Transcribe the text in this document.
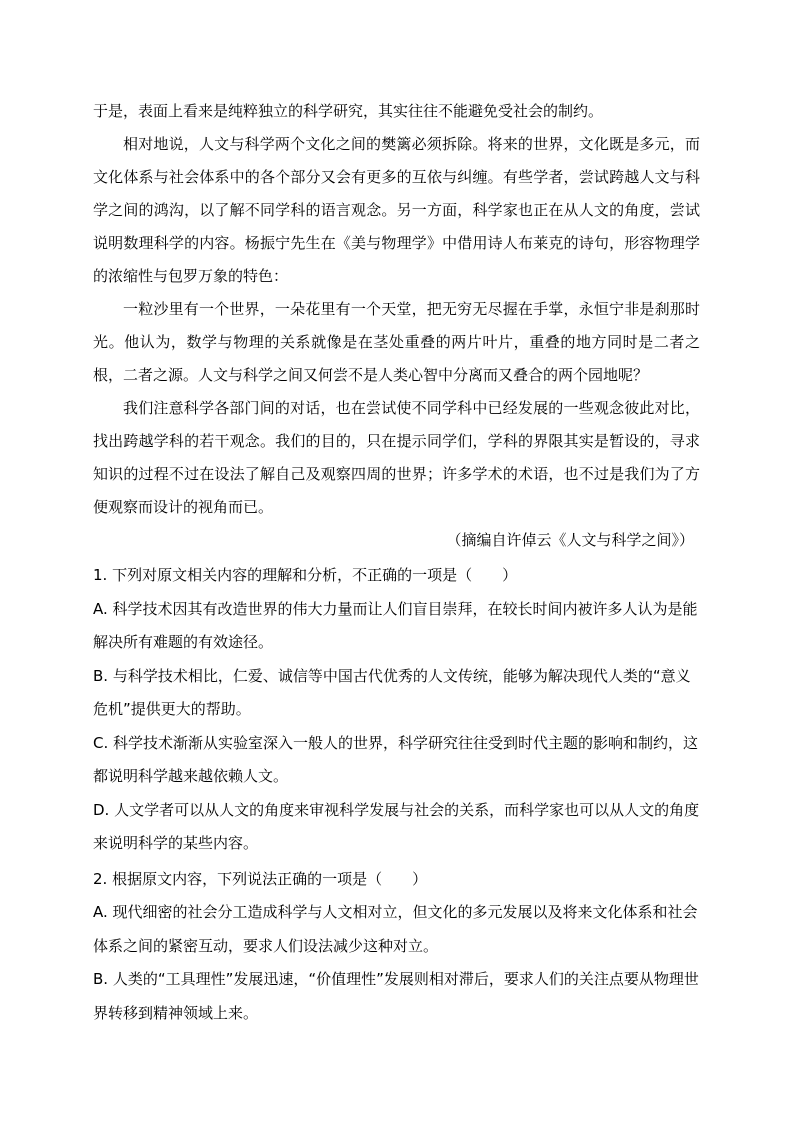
于是，表面上看来是纯粹独立的科学研究，其实往往不能避免受社会的制约。

相对地说，人文与科学两个文化之间的樊篱必须拆除。将来的世界，文化既是多元，而文化体系与社会体系中的各个部分又会有更多的互依与纠缠。有些学者，尝试跨越人文与科学之间的鸿沟，以了解不同学科的语言观念。另一方面，科学家也正在从人文的角度，尝试说明数理科学的内容。杨振宁先生在《美与物理学》中借用诗人布莱克的诗句，形容物理学的浓缩性与包罗万象的特色：

一粒沙里有一个世界，一朵花里有一个天堂，把无穷无尽握在手掌，永恒宁非是刹那时光。他认为，数学与物理的关系就像是在茎处重叠的两片叶片，重叠的地方同时是二者之根，二者之源。人文与科学之间又何尝不是人类心智中分离而又叠合的两个园地呢？

我们注意科学各部门间的对话，也在尝试使不同学科中已经发展的一些观念彼此对比，找出跨越学科的若干观念。我们的目的，只在提示同学们，学科的界限其实是暂设的，寻求知识的过程不过在设法了解自己及观察四周的世界；许多学术的术语，也不过是我们为了方便观察而设计的视角而已。

（摘编自许倬云《人文与科学之间》）

1. 下列对原文相关内容的理解和分析，不正确的一项是（　　）

A. 科学技术因其有改造世界的伟大力量而让人们盲目崇拜，在较长时间内被许多人认为是能解决所有难题的有效途径。

B. 与科学技术相比，仁爱、诚信等中国古代优秀的人文传统，能够为解决现代人类的“意义危机”提供更大的帮助。

C. 科学技术渐渐从实验室深入一般人的世界，科学研究往往受到时代主题的影响和制约，这都说明科学越来越依赖人文。

D. 人文学者可以从人文的角度来审视科学发展与社会的关系，而科学家也可以从人文的角度来说明科学的某些内容。

2. 根据原文内容，下列说法正确的一项是（　　）

A. 现代细密的社会分工造成科学与人文相对立，但文化的多元发展以及将来文化体系和社会体系之间的紧密互动，要求人们设法减少这种对立。

B. 人类的“工具理性”发展迅速，“价值理性”发展则相对滞后，要求人们的关注点要从物理世界转移到精神领域上来。
